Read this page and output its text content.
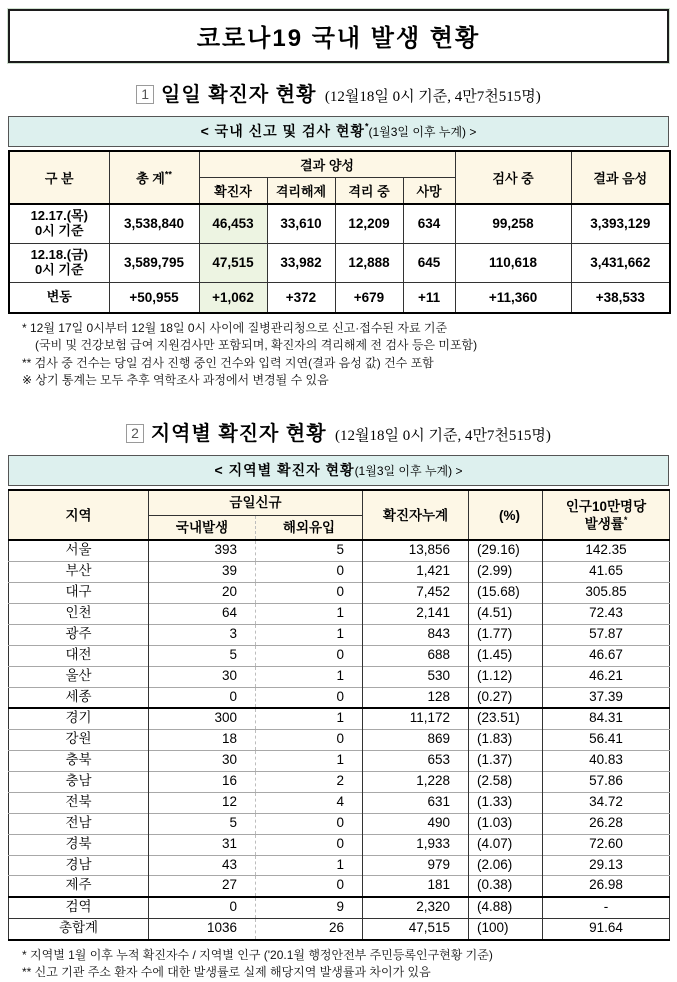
코로나19 국내 발생 현황
1 일일 확진자 현황 (12월18일 0시 기준, 4만7천515명)
< 국내 신고 및 검사 현황*(1월3일 이후 누계) >
구 분	총 계**	결과 양성				검사 중	결과 음성
		확진자	격리해제	격리 중	사망		
12.17.(목)
0시 기준	3,538,840	46,453	33,610	12,209	634	99,258	3,393,129
12.18.(금)
0시 기준	3,589,795	47,515	33,982	12,888	645	110,618	3,431,662
변동	+50,955	+1,062	+372	+679	+11	+11,360	+38,533
* 12월 17일 0시부터 12월 18일 0시 사이에 질병관리청으로 신고·접수된 자료 기준
(국비 및 건강보험 급여 지원검사만 포함되며, 확진자의 격리해제 전 검사 등은 미포함)
** 검사 중 건수는 당일 검사 진행 중인 건수와 입력 지연(결과 음성 값) 건수 포함
※ 상기 통계는 모두 추후 역학조사 과정에서 변경될 수 있음
2 지역별 확진자 현황 (12월18일 0시 기준, 4만7천515명)
< 지역별 확진자 현황(1월3일 이후 누계) >
지역	금일신규		확진자누계	(%)	인구10만명당
발생률*
	국내발생	해외유입			
서울	393	5	13,856	(29.16)	142.35
부산	39	0	1,421	(2.99)	41.65
대구	20	0	7,452	(15.68)	305.85
인천	64	1	2,141	(4.51)	72.43
광주	3	1	843	(1.77)	57.87
대전	5	0	688	(1.45)	46.67
울산	30	1	530	(1.12)	46.21
세종	0	0	128	(0.27)	37.39
경기	300	1	11,172	(23.51)	84.31
강원	18	0	869	(1.83)	56.41
충북	30	1	653	(1.37)	40.83
충남	16	2	1,228	(2.58)	57.86
전북	12	4	631	(1.33)	34.72
전남	5	0	490	(1.03)	26.28
경북	31	0	1,933	(4.07)	72.60
경남	43	1	979	(2.06)	29.13
제주	27	0	181	(0.38)	26.98
검역	0	9	2,320	(4.88)	-
총합계	1036	26	47,515	(100)	91.64
* 지역별 1월 이후 누적 확진자수 / 지역별 인구 ('20.1월 행정안전부 주민등록인구현황 기준)
** 신고 기관 주소 환자 수에 대한 발생률로 실제 해당지역 발생률과 차이가 있음
